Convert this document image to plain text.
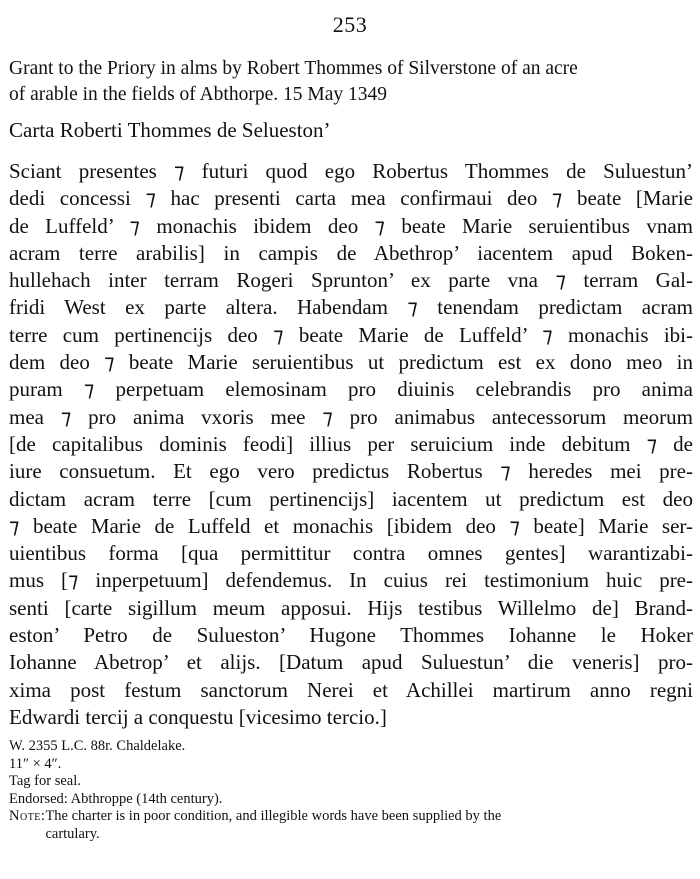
253
Grant to the Priory in alms by Robert Thommes of Silverstone of an acre
of arable in the fields of Abthorpe. 15 May 1349
Carta Roberti Thommes de Selueston’
Sciant presentes ⁊ futuri quod ego Robertus Thommes de Suluestun’
dedi concessi ⁊ hac presenti carta mea confirmaui deo ⁊ beate [Marie
de Luffeld’ ⁊ monachis ibidem deo ⁊ beate Marie seruientibus vnam
acram terre arabilis] in campis de Abethrop’ iacentem apud Boken-
hullehach inter terram Rogeri Sprunton’ ex parte vna ⁊ terram Gal-
fridi West ex parte altera. Habendam ⁊ tenendam predictam acram
terre cum pertinencijs deo ⁊ beate Marie de Luffeld’ ⁊ monachis ibi-
dem deo ⁊ beate Marie seruientibus ut predictum est ex dono meo in
puram ⁊ perpetuam elemosinam pro diuinis celebrandis pro anima
mea ⁊ pro anima vxoris mee ⁊ pro animabus antecessorum meorum
[de capitalibus dominis feodi] illius per seruicium inde debitum ⁊ de
iure consuetum. Et ego vero predictus Robertus ⁊ heredes mei pre-
dictam acram terre [cum pertinencijs] iacentem ut predictum est deo
⁊ beate Marie de Luffeld et monachis [ibidem deo ⁊ beate] Marie ser-
uientibus forma [qua permittitur contra omnes gentes] warantizabi-
mus [⁊ inperpetuum] defendemus. In cuius rei testimonium huic pre-
senti [carte sigillum meum apposui. Hijs testibus Willelmo de] Brand-
eston’ Petro de Sulueston’ Hugone Thommes Iohanne le Hoker
Iohanne Abetrop’ et alijs. [Datum apud Suluestun’ die veneris] pro-
xima post festum sanctorum Nerei et Achillei martirum anno regni
Edwardi tercij a conquestu [vicesimo tercio.]
W. 2355 L.C. 88r. Chaldelake.
11″ × 4″.
Tag for seal.
Endorsed: Abthroppe (14th century).
Note: The charter is in poor condition, and illegible words have been supplied by the
cartulary.
